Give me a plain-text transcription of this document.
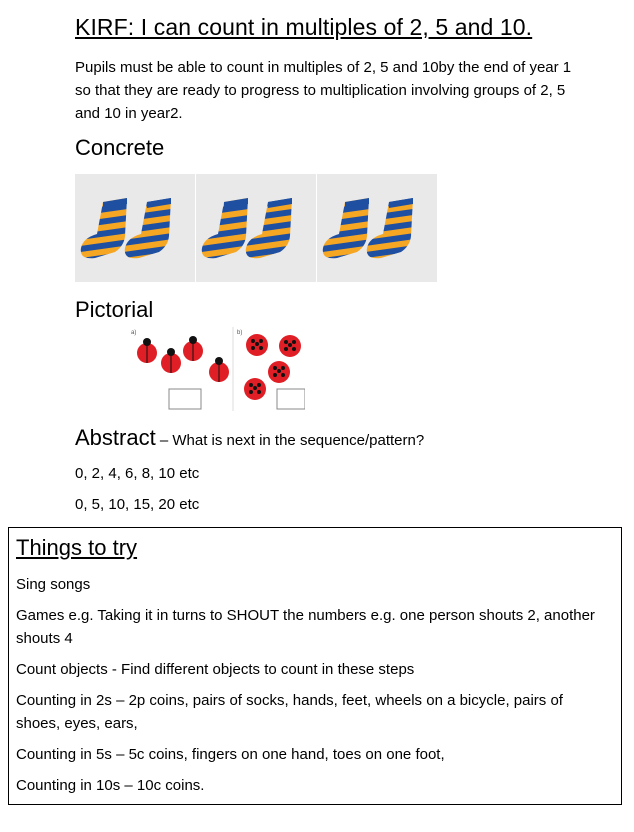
KIRF: I can count in multiples of 2, 5 and 10.

Pupils must be able to count in multiples of 2, 5 and 10by the end of year 1 so that they are ready to progress to multiplication involving groups of 2, 5 and 10 in year2.

Concrete
Pictorial
a)	b)
Abstract – What is next in the sequence/pattern?
0, 2, 4, 6, 8, 10 etc
0, 5, 10, 15, 20 etc
Things to try

Sing songs

Games e.g. Taking it in turns to SHOUT the numbers e.g. one person shouts 2, another shouts 4

Count objects - Find different objects to count in these steps

Counting in 2s – 2p coins, pairs of socks, hands, feet, wheels on a bicycle, pairs of shoes, eyes, ears,

Counting in 5s – 5c coins, fingers on one hand, toes on one foot,

Counting in 10s – 10c coins.
